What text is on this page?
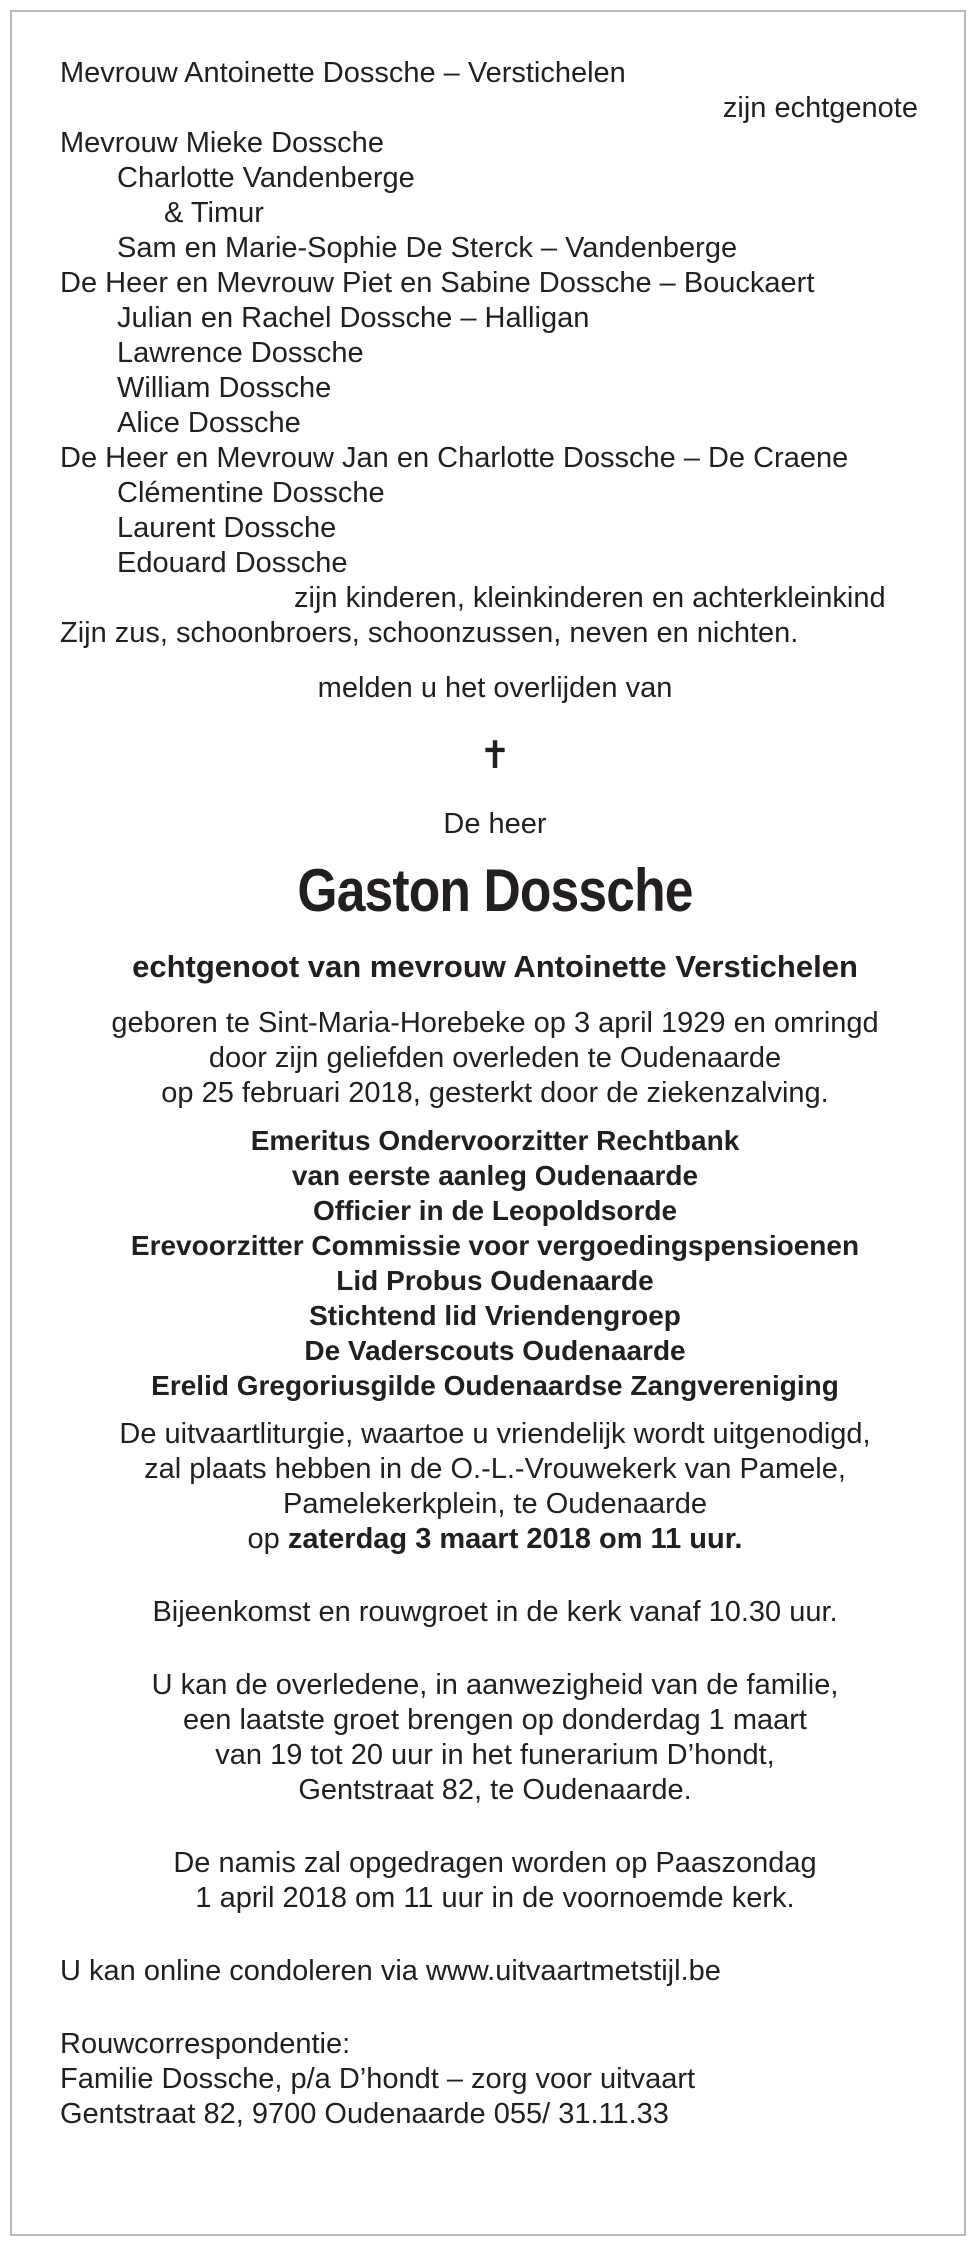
Mevrouw Antoinette Dossche – Verstichelen
zijn echtgenote
Mevrouw Mieke Dossche
Charlotte Vandenberge
& Timur
Sam en Marie-Sophie De Sterck – Vandenberge
De Heer en Mevrouw Piet en Sabine Dossche – Bouckaert
Julian en Rachel Dossche – Halligan
Lawrence Dossche
William Dossche
Alice Dossche
De Heer en Mevrouw Jan en Charlotte Dossche – De Craene
Clémentine Dossche
Laurent Dossche
Edouard Dossche
zijn kinderen, kleinkinderen en achterkleinkind
Zijn zus, schoonbroers, schoonzussen, neven en nichten.
melden u het overlijden van
✝
De heer
Gaston Dossche
echtgenoot van mevrouw Antoinette Verstichelen
geboren te Sint-Maria-Horebeke op 3 april 1929 en omringd
door zijn geliefden overleden te Oudenaarde
op 25 februari 2018, gesterkt door de ziekenzalving.
Emeritus Ondervoorzitter Rechtbank
van eerste aanleg Oudenaarde
Officier in de Leopoldsorde
Erevoorzitter Commissie voor vergoedingspensioenen
Lid Probus Oudenaarde
Stichtend lid Vriendengroep
De Vaderscouts Oudenaarde
Erelid Gregoriusgilde Oudenaardse Zangvereniging
De uitvaartliturgie, waartoe u vriendelijk wordt uitgenodigd,
zal plaats hebben in de O.-L.-Vrouwekerk van Pamele,
Pamelekerkplein, te Oudenaarde
op zaterdag 3 maart 2018 om 11 uur.
Bijeenkomst en rouwgroet in de kerk vanaf 10.30 uur.
U kan de overledene, in aanwezigheid van de familie,
een laatste groet brengen op donderdag 1 maart
van 19 tot 20 uur in het funerarium D’hondt,
Gentstraat 82, te Oudenaarde.
De namis zal opgedragen worden op Paaszondag
1 april 2018 om 11 uur in de voornoemde kerk.
U kan online condoleren via www.uitvaartmetstijl.be
Rouwcorrespondentie:
Familie Dossche, p/a D’hondt – zorg voor uitvaart
Gentstraat 82, 9700 Oudenaarde 055/ 31.11.33
